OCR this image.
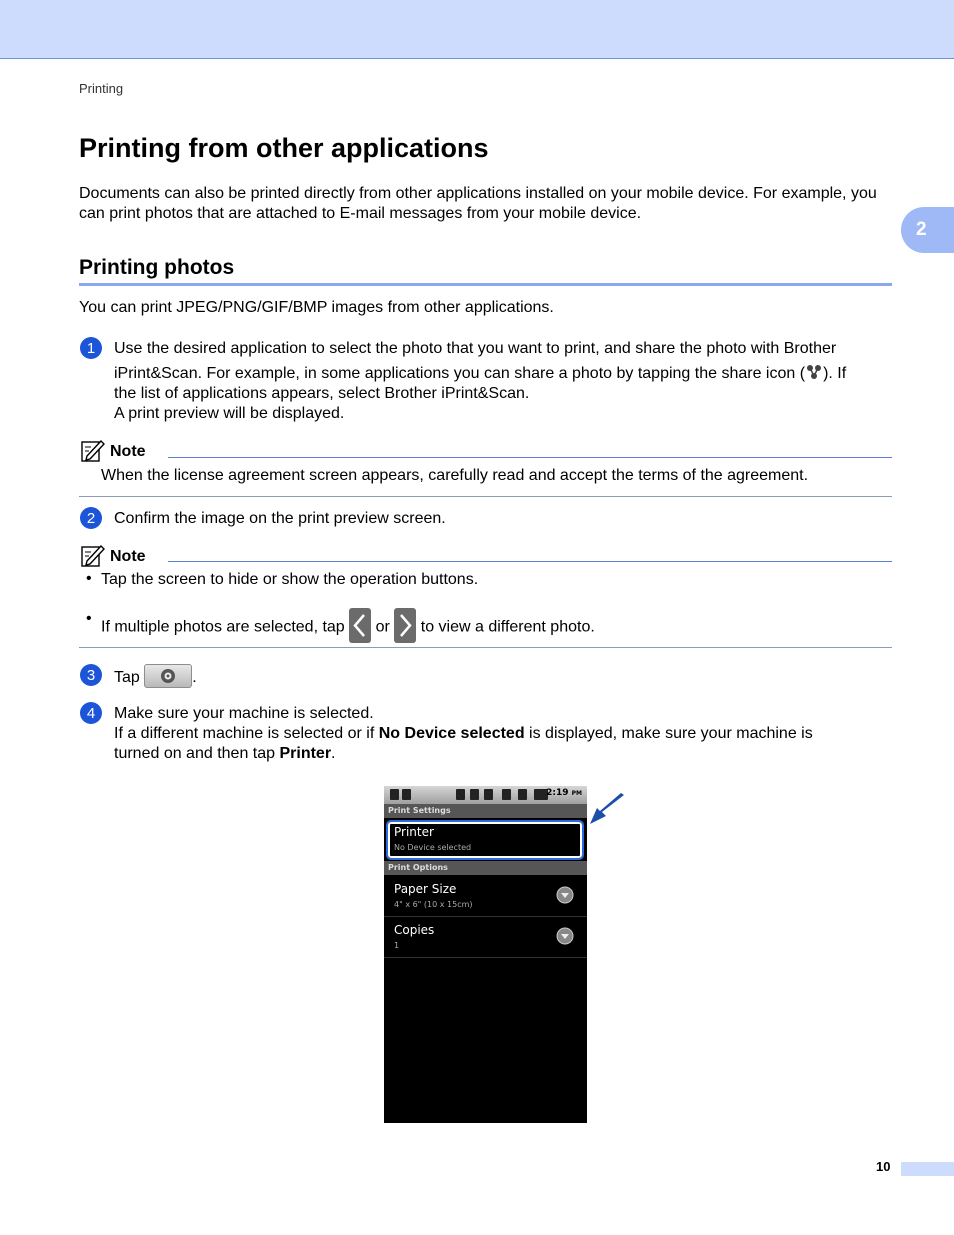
Printing
2
Printing from other applications

Documents can also be printed directly from other applications installed on your mobile device. For example, you can print photos that are attached to E-mail messages from your mobile device.

Printing photos

You can print JPEG/PNG/GIF/BMP images from other applications.

1 Use the desired application to select the photo that you want to print, and share the photo with Brother
iPrint&Scan. For example, in some applications you can share a photo by tapping the share icon ( ). If
the list of applications appears, select Brother iPrint&Scan.
A print preview will be displayed.
Note

When the license agreement screen appears, carefully read and accept the terms of the agreement.

2 Confirm the image on the print preview screen.

Note
• Tap the screen to hide or show the operation buttons.

•

If multiple photos are selected, tap or to view a different photo.

3 Tap	.

4 Make sure your machine is selected.
If a different machine is selected or if No Device selected is displayed, make sure your machine is
turned on and then tap Printer.
2:19 PM
Print Settings
Printer
No Device selected
Print Options
Paper Size
4" x 6" (10 x 15cm)
Copies
1
10
